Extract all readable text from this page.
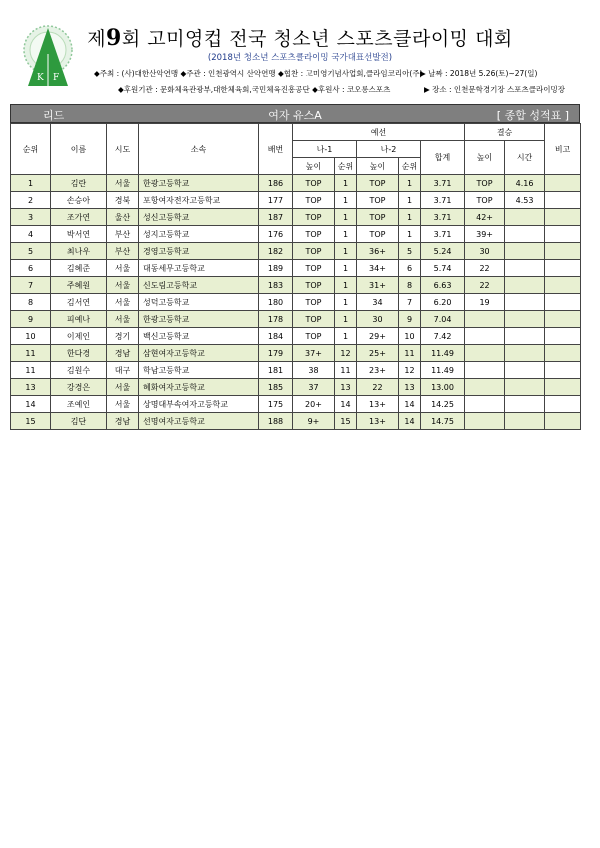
K F
제9회 고미영컵 전국 청소년 스포츠클라이밍 대회
(2018년 청소년 스포츠클라이밍 국가대표선발전)
◆주최 : (사)대한산악연맹 ◆주관 : 인천광역시 산악연맹 ◆협찬 : 고미영기념사업회,클라임코리아(주)
▶ 날짜 : 2018년 5.26(토)~27(일)
◆후원기관 : 문화체육관광부,대한체육회,국민체육진흥공단 ◆후원사 : 코오롱스포츠	▶ 장소 : 인천문학경기장 스포츠클라이밍장
리드	여자 유스A	[ 종합 성적표 ]
순위	이름	시도	소속	배번	예선					결승		비고
					나-1		나-2		합계	높이	시간	
					높이	순위	높이	순위				
1	김란	서울	한광고등학교	186	TOP	1	TOP	1	3.71	TOP	4.16	
2	손승아	경북	포항여자전자고등학교	177	TOP	1	TOP	1	3.71	TOP	4.53	
3	조가연	울산	성신고등학교	187	TOP	1	TOP	1	3.71	42+		
4	박서연	부산	성지고등학교	176	TOP	1	TOP	1	3.71	39+		
5	최나우	부산	경영고등학교	182	TOP	1	36+	5	5.24	30		
6	김혜준	서울	대동세무고등학교	189	TOP	1	34+	6	5.74	22		
7	주혜원	서울	신도림고등학교	183	TOP	1	31+	8	6.63	22		
8	김서연	서울	성덕고등학교	180	TOP	1	34	7	6.20	19		
9	피예나	서울	한광고등학교	178	TOP	1	30	9	7.04			
10	이제인	경기	백신고등학교	184	TOP	1	29+	10	7.42			
11	한다경	경남	삼현여자고등학교	179	37+	12	25+	11	11.49			
11	김원수	대구	학남고등학교	181	38	11	23+	12	11.49			
13	강경은	서울	혜화여자고등학교	185	37	13	22	13	13.00			
14	조예인	서울	상명대부속여자고등학교	175	20+	14	13+	14	14.25			
15	김단	경남	선명여자고등학교	188	9+	15	13+	14	14.75			
